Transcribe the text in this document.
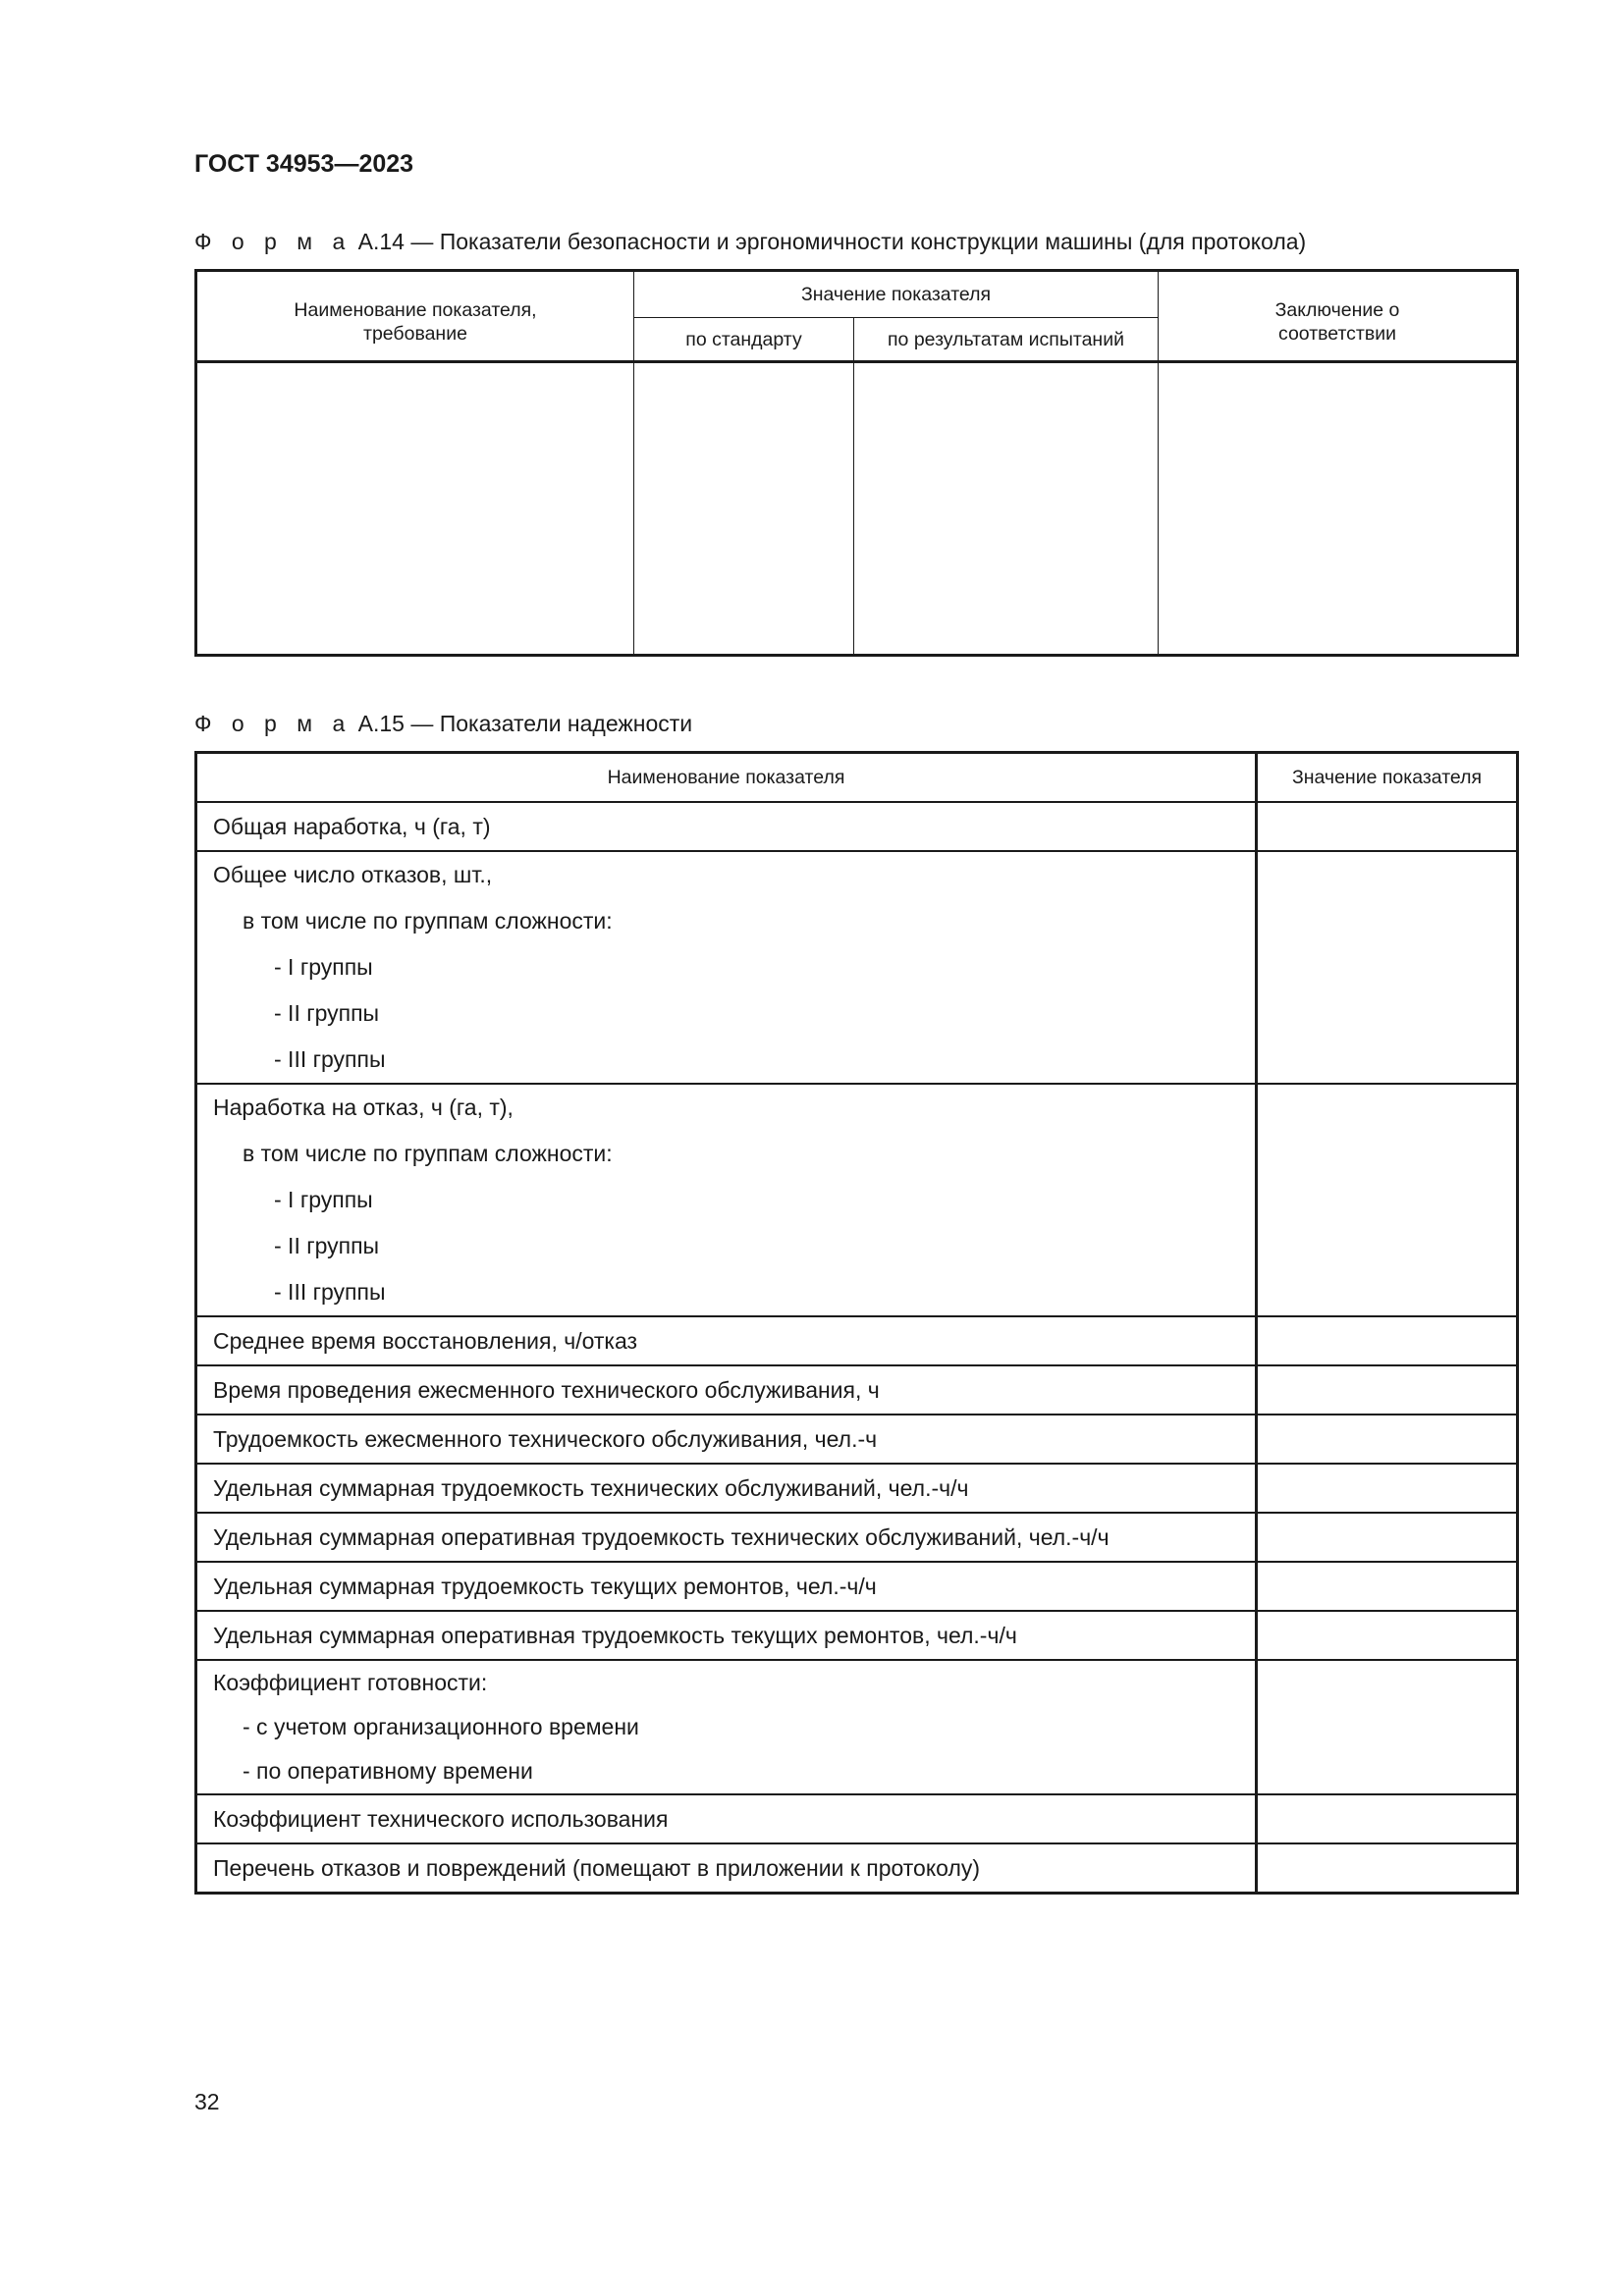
ГОСТ 34953—2023

Ф о р м а А.14 — Показатели безопасности и эргономичности конструкции машины (для протокола)

Наименование показателя, требование	Значение показателя		Заключение о соответствии

	по стандарту	по результатам испытаний	

Ф о р м а А.15 — Показатели надежности

Наименование показателя	Значение показателя

Общая наработка, ч (га, т)	

Общее число отказов, шт.,
в том числе по группам сложности:
- I группы
- II группы
- III группы	

Наработка на отказ, ч (га, т),
в том числе по группам сложности:
- I группы
- II группы
- III группы	

Среднее время восстановления, ч/отказ	

Время проведения ежесменного технического обслуживания, ч	

Трудоемкость ежесменного технического обслуживания, чел.-ч	

Удельная суммарная трудоемкость технических обслуживаний, чел.-ч/ч	

Удельная суммарная оперативная трудоемкость технических обслуживаний, чел.-ч/ч	

Удельная суммарная трудоемкость текущих ремонтов, чел.-ч/ч	

Удельная суммарная оперативная трудоемкость текущих ремонтов, чел.-ч/ч	

Коэффициент готовности:
- с учетом организационного времени
- по оперативному времени	

Коэффициент технического использования	

Перечень отказов и повреждений (помещают в приложении к протоколу)	

32
